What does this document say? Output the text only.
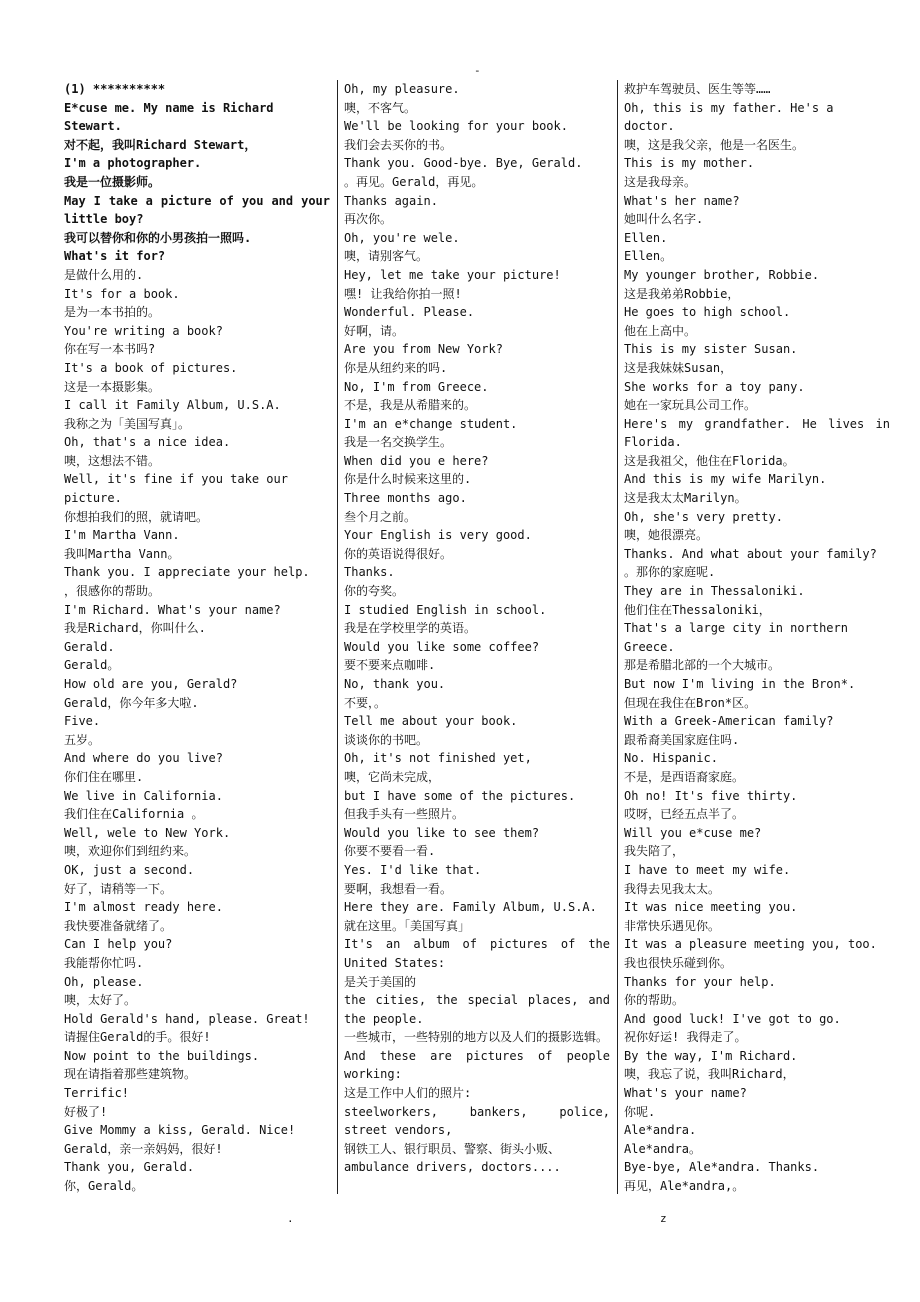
-
(1) **********
E*cuse me. My name is Richard Stewart.
对不起，我叫Richard Stewart，
I'm a photographer.
我是一位摄影师。
May I take a picture of you and your little boy?
我可以替你和你的小男孩拍一照吗.
What's it for?
是做什么用的.
It's for a book.
是为一本书拍的。
You're writing a book?
你在写一本书吗?
It's a book of pictures.
这是一本摄影集。
I call it Family Album, U.S.A.
我称之为「美国写真」。
Oh, that's a nice idea.
噢，这想法不错。
Well, it's fine if you take our picture.
你想拍我们的照，就请吧。
I'm Martha Vann.
我叫Martha Vann。
Thank you. I appreciate your help.
，很感你的帮助。
I'm Richard. What's your name?
我是Richard，你叫什么.
Gerald.
Gerald。
How old are you, Gerald?
Gerald，你今年多大啦.
Five.
五岁。
And where do you live?
你们住在哪里.
We live in California.
我们住在California 。
Well, wele to New York.
噢，欢迎你们到纽约来。
OK, just a second.
好了，请稍等一下。
I'm almost ready here.
我快要准备就绪了。
Can I help you?
我能帮你忙吗.
Oh, please.
噢，太好了。
Hold Gerald's hand, please. Great!
请握住Gerald的手。很好!
Now point to the buildings.
现在请指着那些建筑物。
Terrific!
好极了!
Give Mommy a kiss, Gerald. Nice!
Gerald，亲一亲妈妈，很好!
Thank you, Gerald.
你，Gerald。
Oh, my pleasure.
噢，不客气。
We'll be looking for your book.
我们会去买你的书。
Thank you. Good-bye. Bye, Gerald.
。再见。Gerald，再见。
Thanks again.
再次你。
Oh, you're wele.
噢，请别客气。
Hey, let me take your picture!
嘿! 让我给你拍一照!
Wonderful. Please.
好啊，请。
Are you from New York?
你是从纽约来的吗.
No, I'm from Greece.
不是，我是从希腊来的。
I'm an e*change student.
我是一名交换学生。
When did you e here?
你是什么时候来这里的.
Three months ago.
叁个月之前。
Your English is very good.
你的英语说得很好。
Thanks.
你的夸奖。
I studied English in school.
我是在学校里学的英语。
Would you like some coffee?
要不要来点咖啡.
No, thank you.
不要，。
Tell me about your book.
谈谈你的书吧。
Oh, it's not finished yet,
噢，它尚未完成，
but I have some of the pictures.
但我手头有一些照片。
Would you like to see them?
你要不要看一看.
Yes. I'd like that.
要啊，我想看一看。
Here they are. Family Album, U.S.A.
就在这里。「美国写真」
It's an album of pictures of the United States:
是关于美国的
the cities, the special places, and the people.
一些城市，一些特别的地方以及人们的摄影选辑。
And these are pictures of people working:
这是工作中人们的照片:
steelworkers, bankers, police, street vendors,
钢铁工人、银行职员、警察、街头小贩、
ambulance drivers, doctors....
救护车驾驶员、医生等等……
Oh, this is my father. He's a doctor.
噢，这是我父亲，他是一名医生。
This is my mother.
这是我母亲。
What's her name?
她叫什么名字.
Ellen.
Ellen。
My younger brother, Robbie.
这是我弟弟Robbie，
He goes to high school.
他在上高中。
This is my sister Susan.
这是我妹妹Susan，
She works for a toy pany.
她在一家玩具公司工作。
Here's my grandfather. He lives in Florida.
这是我祖父，他住在Florida。
And this is my wife Marilyn.
这是我太太Marilyn。
Oh, she's very pretty.
噢，她很漂亮。
Thanks. And what about your family?
。那你的家庭呢.
They are in Thessaloniki.
他们住在Thessaloniki，
That's a large city in northern Greece.
那是希腊北部的一个大城市。
But now I'm living in the Bron*.
但现在我住在Bron*区。
With a Greek-American family?
跟希裔美国家庭住吗.
No. Hispanic.
不是，是西语裔家庭。
Oh no! It's five thirty.
哎呀，已经五点半了。
Will you e*cuse me?
我失陪了，
I have to meet my wife.
我得去见我太太。
It was nice meeting you.
非常快乐遇见你。
It was a pleasure meeting you, too.
我也很快乐碰到你。
Thanks for your help.
你的帮助。
And good luck! I've got to go.
祝你好运! 我得走了。
By the way, I'm Richard.
噢，我忘了说，我叫Richard，
What's your name?
你呢.
Ale*andra.
Ale*andra。
Bye-bye, Ale*andra. Thanks.
再见，Ale*andra,。
.	z
